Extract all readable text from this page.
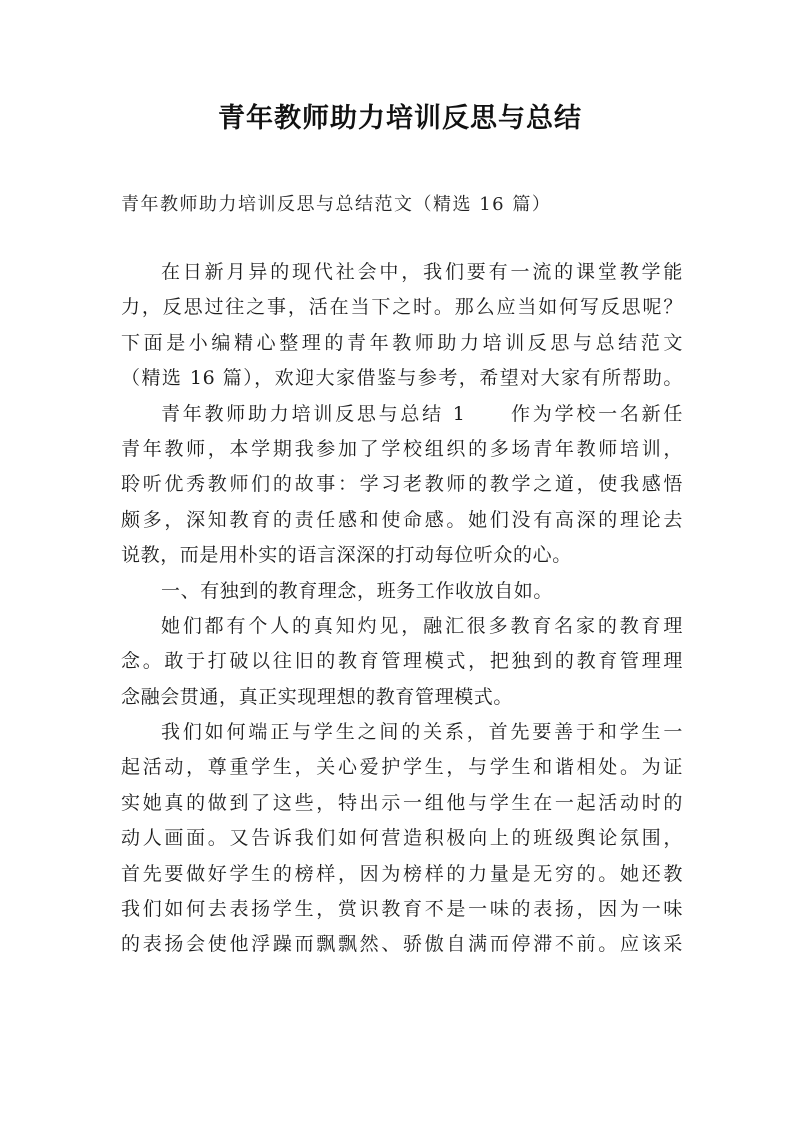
青年教师助力培训反思与总结
青年教师助力培训反思与总结范文（精选 16 篇）
在日新月异的现代社会中，我们要有一流的课堂教学能
力，反思过往之事，活在当下之时。那么应当如何写反思呢？
下面是小编精心整理的青年教师助力培训反思与总结范文
（精选 16 篇），欢迎大家借鉴与参考，希望对大家有所帮助。
青年教师助力培训反思与总结 1　　作为学校一名新任
青年教师，本学期我参加了学校组织的多场青年教师培训，
聆听优秀教师们的故事：学习老教师的教学之道，使我感悟
颇多，深知教育的责任感和使命感。她们没有高深的理论去
说教，而是用朴实的语言深深的打动每位听众的心。
一、有独到的教育理念，班务工作收放自如。
她们都有个人的真知灼见，融汇很多教育名家的教育理
念。敢于打破以往旧的教育管理模式，把独到的教育管理理
念融会贯通，真正实现理想的教育管理模式。
我们如何端正与学生之间的关系，首先要善于和学生一
起活动，尊重学生，关心爱护学生，与学生和谐相处。为证
实她真的做到了这些，特出示一组他与学生在一起活动时的
动人画面。又告诉我们如何营造积极向上的班级舆论氛围，
首先要做好学生的榜样，因为榜样的力量是无穷的。她还教
我们如何去表扬学生，赏识教育不是一味的表扬，因为一味
的表扬会使他浮躁而飘飘然、骄傲自满而停滞不前。应该采
